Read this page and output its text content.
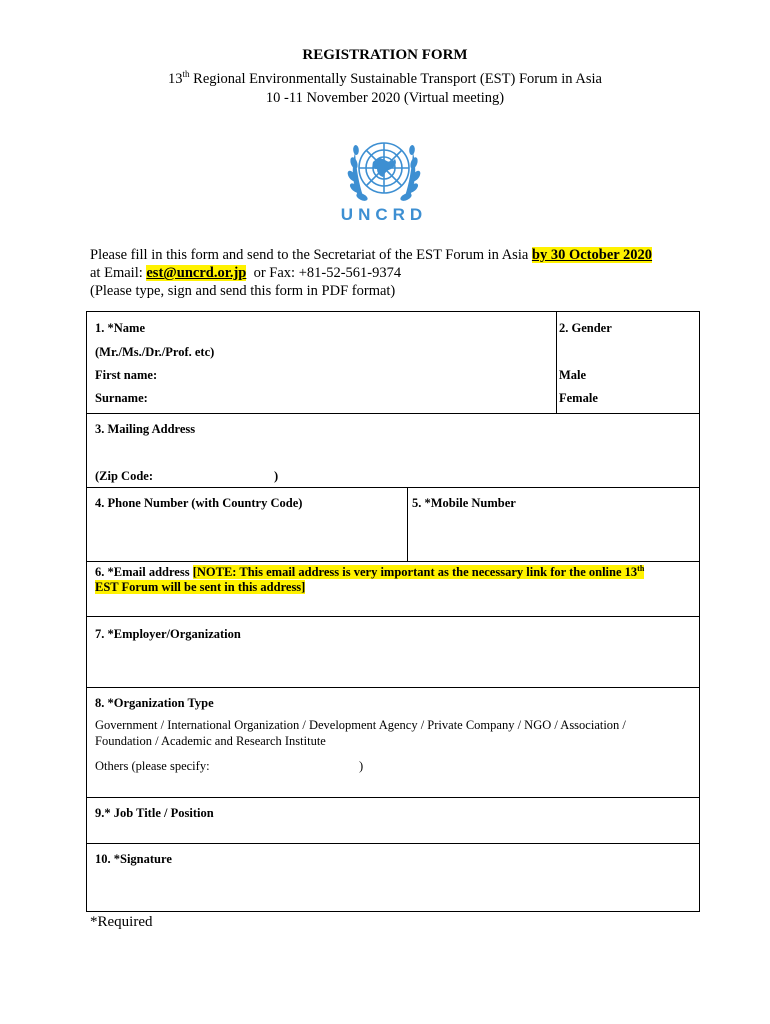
REGISTRATION FORM
13th Regional Environmentally Sustainable Transport (EST) Forum in Asia
10 -11 November 2020 (Virtual meeting)
UNCRD
Please fill in this form and send to the Secretariat of the EST Forum in Asia by 30 October 2020
at Email: est@uncrd.or.jp  or Fax: +81-52-561-9374
(Please type, sign and send this form in PDF format)
1. *Name
(Mr./Ms./Dr./Prof. etc)
First name:
Surname:
2. Gender
Male
Female
3. Mailing Address
(Zip Code:	)
4. Phone Number (with Country Code)	5. *Mobile Number
6. *Email address [NOTE: This email address is very important as the necessary link for the online 13th
EST Forum will be sent in this address]
7. *Employer/Organization
8. *Organization Type
Government / International Organization / Development Agency / Private Company / NGO / Association /
Foundation / Academic and Research Institute
Others (please specify:	)
9.* Job Title / Position
10. *Signature
*Required
